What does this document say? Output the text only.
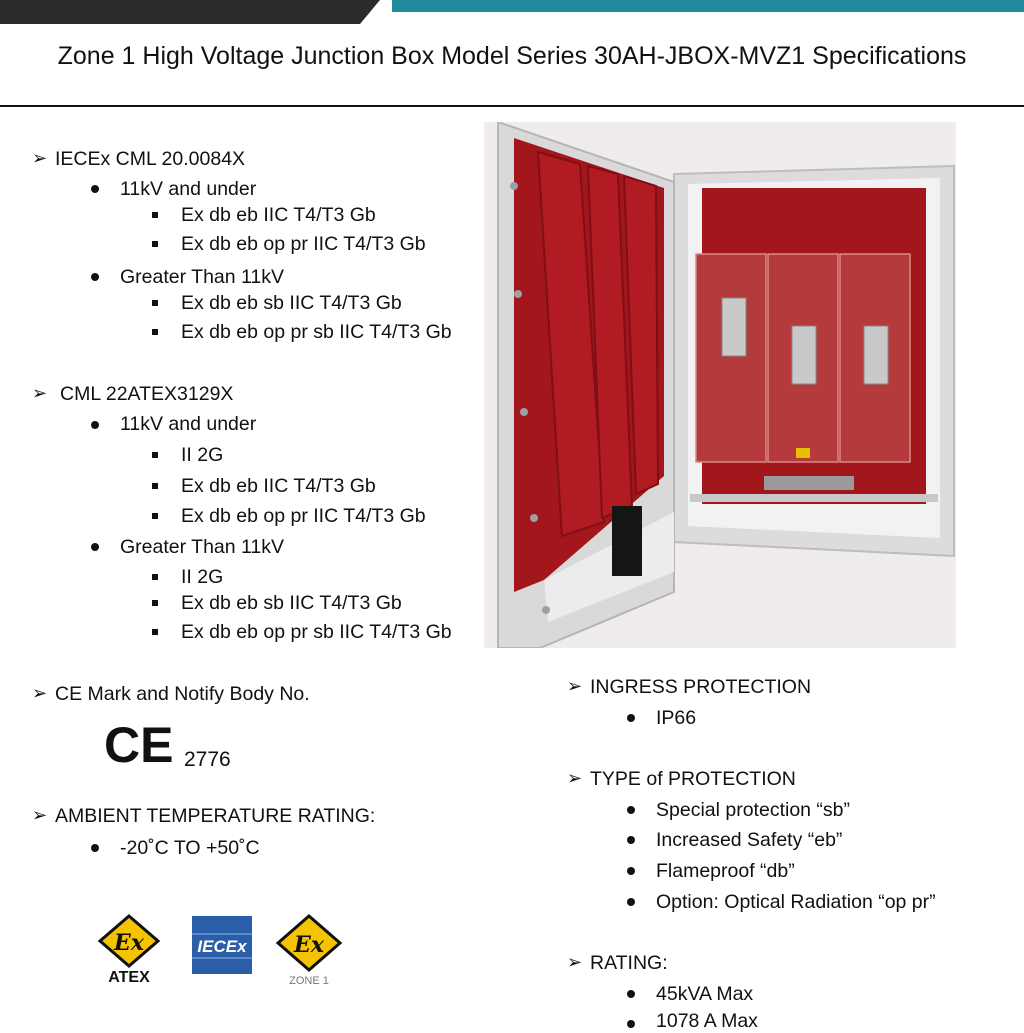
Zone 1 High Voltage Junction Box Model Series 30AH-JBOX-MVZ1 Specifications
➢ IECEx CML 20.0084X
11kV and under
Ex db eb IIC T4/T3 Gb
Ex db eb op pr IIC T4/T3 Gb
Greater Than 11kV
Ex db eb sb IIC T4/T3 Gb
Ex db eb op pr sb IIC T4/T3 Gb
➢ CML 22ATEX3129X
11kV and under
II 2G
Ex db eb IIC T4/T3 Gb
Ex db eb op pr IIC T4/T3 Gb
Greater Than 11kV
II 2G
Ex db eb sb IIC T4/T3 Gb
Ex db eb op pr sb IIC T4/T3 Gb
➢ CE Mark and Notify Body No.
CE 2776
➢ AMBIENT TEMPERATURE RATING:
-20˚C TO +50˚C
Ex
ATEX
IECEx Ex
ZONE 1
➢ INGRESS PROTECTION
IP66
➢ TYPE of PROTECTION
Special protection “sb”
Increased Safety “eb”
Flameproof “db”
Option: Optical Radiation “op pr”
➢ RATING:
45kVA Max
1078 A Max
